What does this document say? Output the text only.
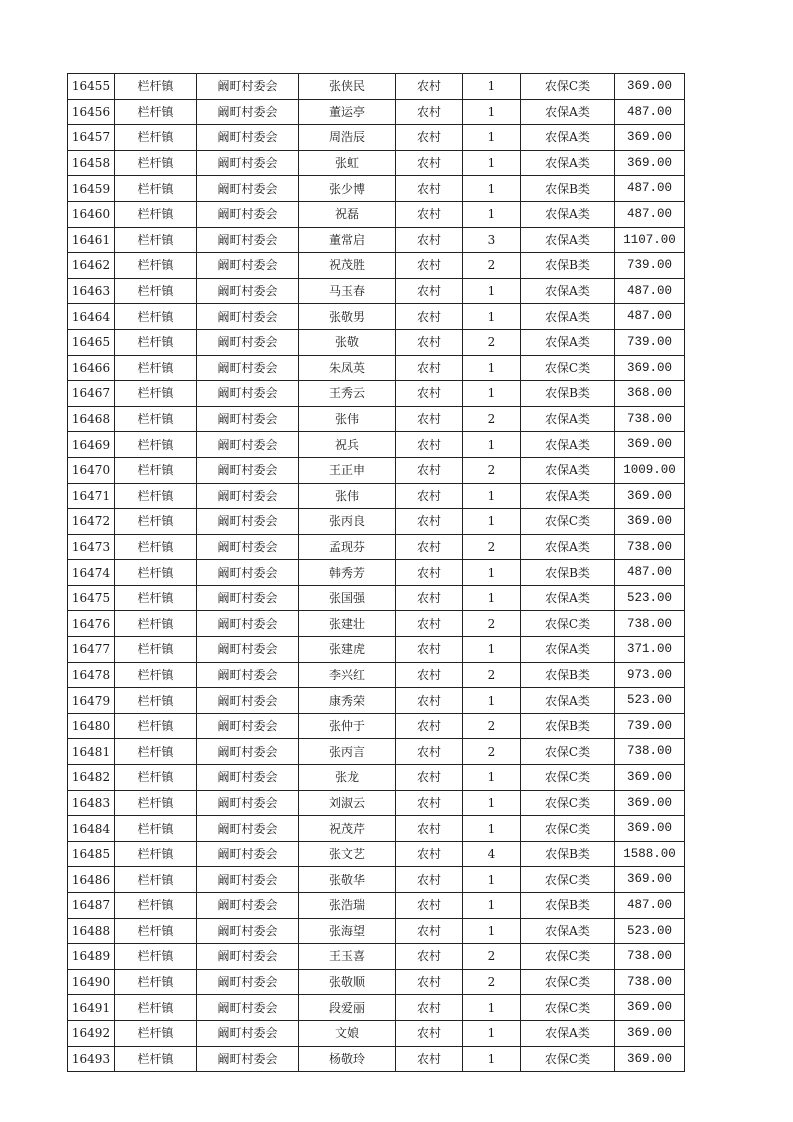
16455	栏杆镇	阚町村委会	张侠民	农村	1	农保C类	369.00
16456	栏杆镇	阚町村委会	董运亭	农村	1	农保A类	487.00
16457	栏杆镇	阚町村委会	周浩辰	农村	1	农保A类	369.00
16458	栏杆镇	阚町村委会	张虹	农村	1	农保A类	369.00
16459	栏杆镇	阚町村委会	张少博	农村	1	农保B类	487.00
16460	栏杆镇	阚町村委会	祝磊	农村	1	农保A类	487.00
16461	栏杆镇	阚町村委会	董常启	农村	3	农保A类	1107.00
16462	栏杆镇	阚町村委会	祝茂胜	农村	2	农保B类	739.00
16463	栏杆镇	阚町村委会	马玉春	农村	1	农保A类	487.00
16464	栏杆镇	阚町村委会	张敬男	农村	1	农保A类	487.00
16465	栏杆镇	阚町村委会	张敬	农村	2	农保A类	739.00
16466	栏杆镇	阚町村委会	朱凤英	农村	1	农保C类	369.00
16467	栏杆镇	阚町村委会	王秀云	农村	1	农保B类	368.00
16468	栏杆镇	阚町村委会	张伟	农村	2	农保A类	738.00
16469	栏杆镇	阚町村委会	祝兵	农村	1	农保A类	369.00
16470	栏杆镇	阚町村委会	王正申	农村	2	农保A类	1009.00
16471	栏杆镇	阚町村委会	张伟	农村	1	农保A类	369.00
16472	栏杆镇	阚町村委会	张丙良	农村	1	农保C类	369.00
16473	栏杆镇	阚町村委会	孟现芬	农村	2	农保A类	738.00
16474	栏杆镇	阚町村委会	韩秀芳	农村	1	农保B类	487.00
16475	栏杆镇	阚町村委会	张国强	农村	1	农保A类	523.00
16476	栏杆镇	阚町村委会	张建壮	农村	2	农保C类	738.00
16477	栏杆镇	阚町村委会	张建虎	农村	1	农保A类	371.00
16478	栏杆镇	阚町村委会	李兴红	农村	2	农保B类	973.00
16479	栏杆镇	阚町村委会	康秀荣	农村	1	农保A类	523.00
16480	栏杆镇	阚町村委会	张仲于	农村	2	农保B类	739.00
16481	栏杆镇	阚町村委会	张丙言	农村	2	农保C类	738.00
16482	栏杆镇	阚町村委会	张龙	农村	1	农保C类	369.00
16483	栏杆镇	阚町村委会	刘淑云	农村	1	农保C类	369.00
16484	栏杆镇	阚町村委会	祝茂芹	农村	1	农保C类	369.00
16485	栏杆镇	阚町村委会	张文艺	农村	4	农保B类	1588.00
16486	栏杆镇	阚町村委会	张敬华	农村	1	农保C类	369.00
16487	栏杆镇	阚町村委会	张浩瑞	农村	1	农保B类	487.00
16488	栏杆镇	阚町村委会	张海望	农村	1	农保A类	523.00
16489	栏杆镇	阚町村委会	王玉喜	农村	2	农保C类	738.00
16490	栏杆镇	阚町村委会	张敬顺	农村	2	农保C类	738.00
16491	栏杆镇	阚町村委会	段爱丽	农村	1	农保C类	369.00
16492	栏杆镇	阚町村委会	文娘	农村	1	农保A类	369.00
16493	栏杆镇	阚町村委会	杨敬玲	农村	1	农保C类	369.00
